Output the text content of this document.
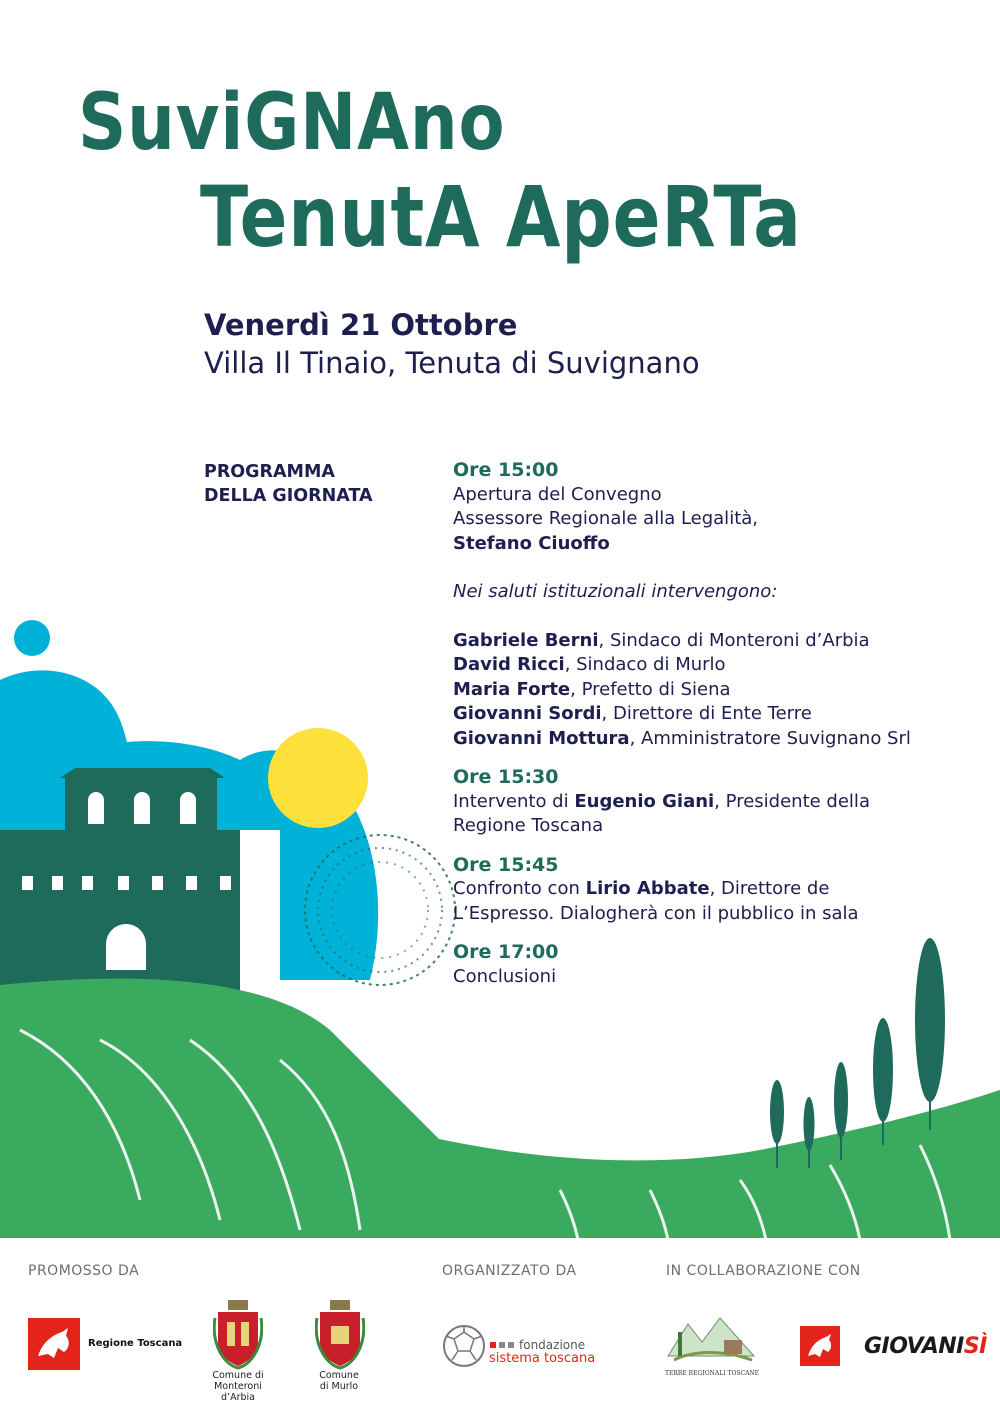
SuviGNAno
TenutA ApeRTa
Venerdì 21 Ottobre
Villa Il Tinaio, Tenuta di Suvignano
PROGRAMMA
DELLA GIORNATA
Ore 15:00
Apertura del Convegno
Assessore Regionale alla Legalità,
Stefano Ciuoffo
Nei saluti istituzionali intervengono:
Gabriele Berni, Sindaco di Monteroni d’Arbia
David Ricci, Sindaco di Murlo
Maria Forte, Prefetto di Siena
Giovanni Sordi, Direttore di Ente Terre
Giovanni Mottura, Amministratore Suvignano Srl
Ore 15:30
Intervento di Eugenio Giani, Presidente della
Regione Toscana
Ore 15:45
Confronto con Lirio Abbate, Direttore de
L’Espresso. Dialogherà con il pubblico in sala
Ore 17:00
Conclusioni
PROMOSSO DA	ORGANIZZATO DA	IN COLLABORAZIONE CON
Regione Toscana
Comune di
Monteroni d’Arbia
Comune
di Murlo
fondazione
sistema toscana
TERRE REGIONALI TOSCANE
GIOVANISÌ
